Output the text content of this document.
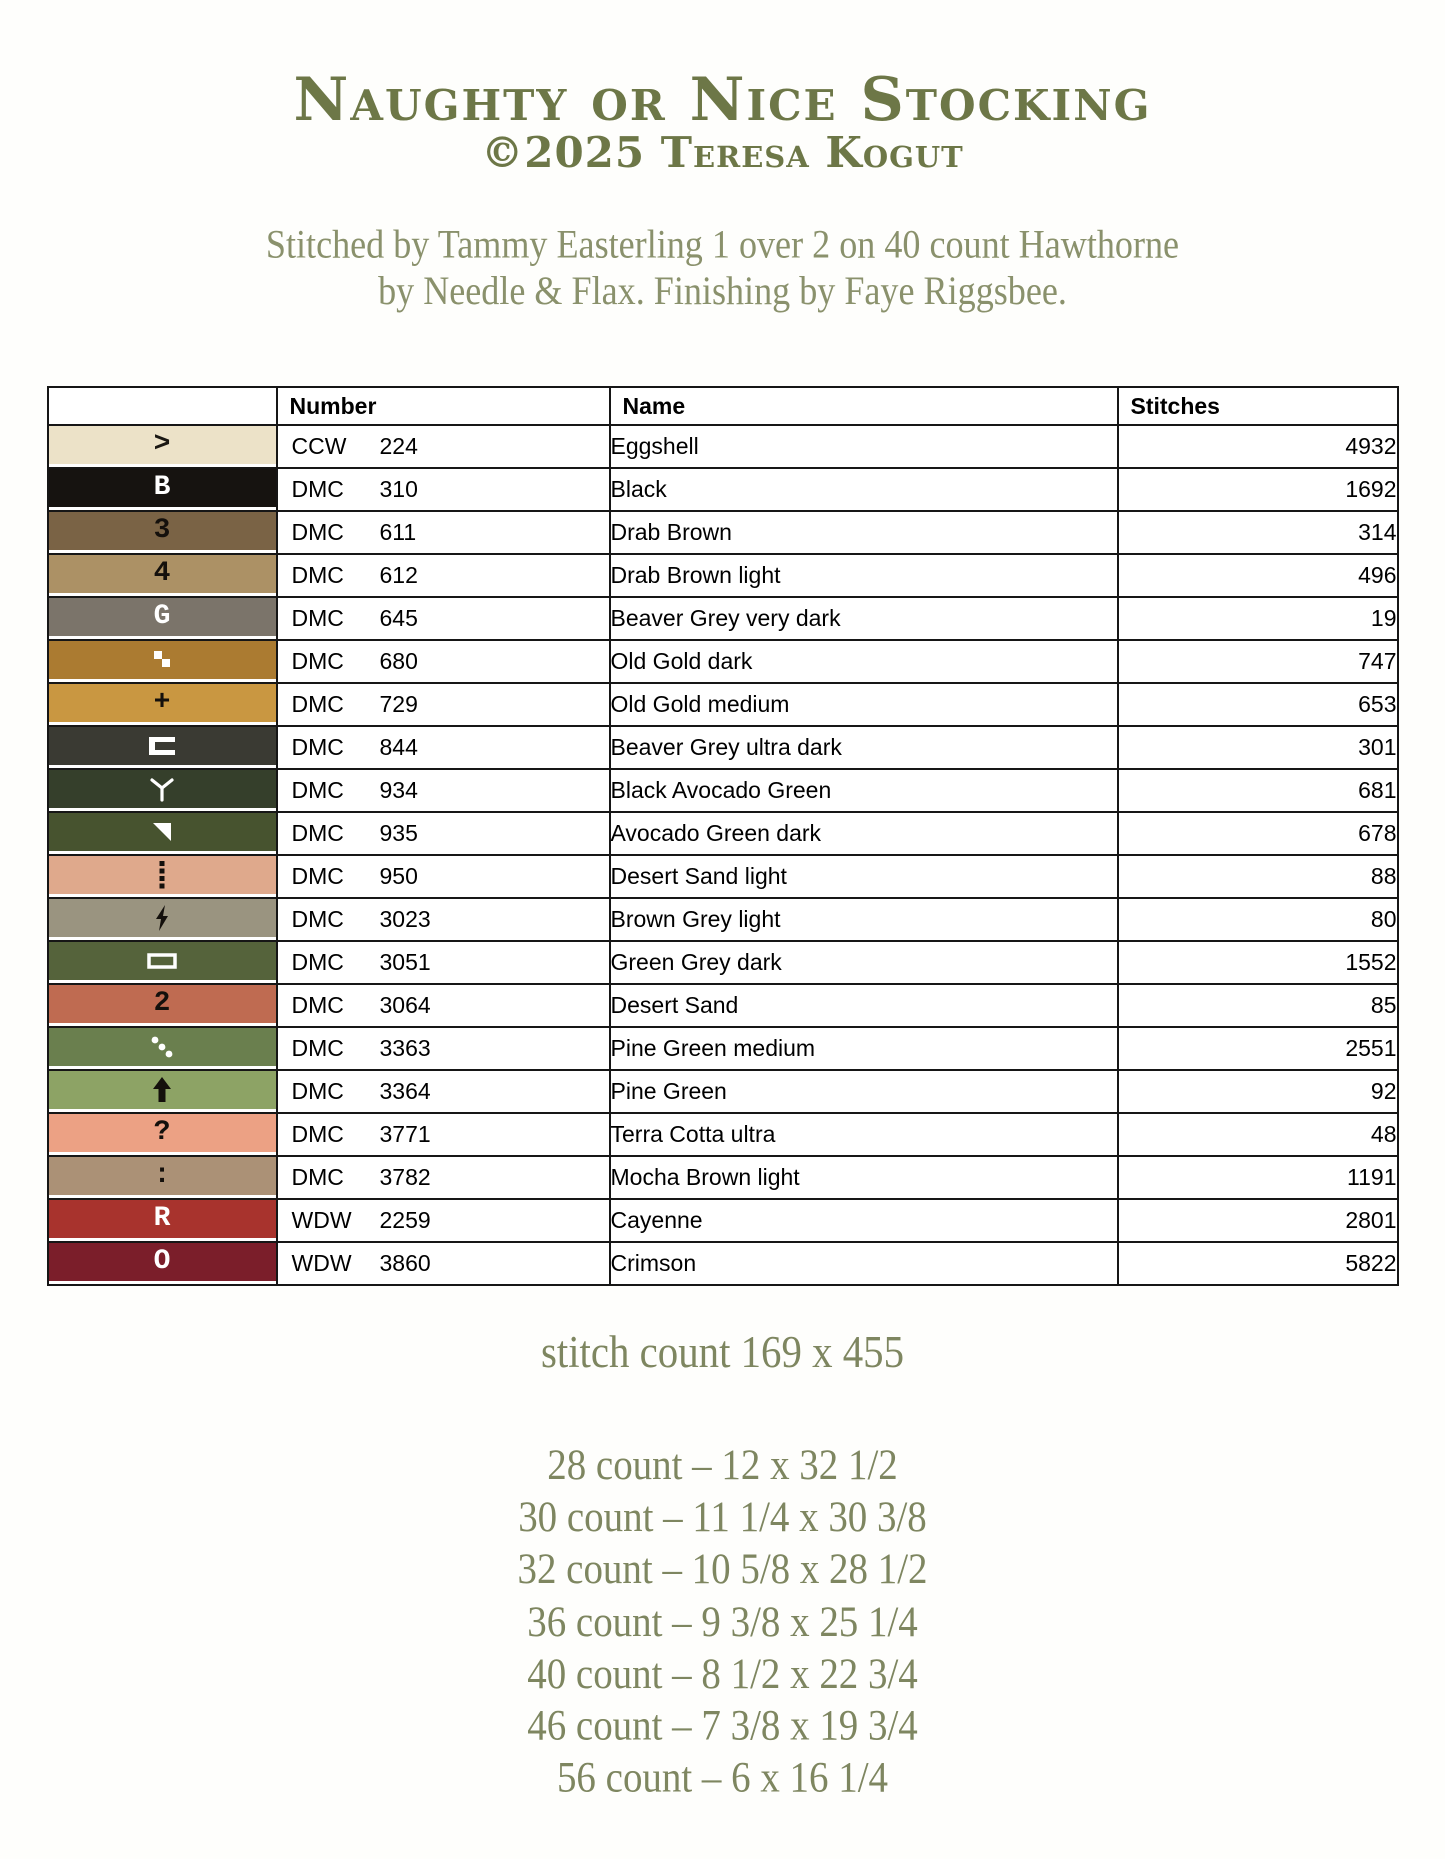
Naughty or Nice Stocking
©2025 Teresa Kogut
Stitched by Tammy Easterling 1 over 2 on 40 count Hawthorne
by Needle & Flax. Finishing by Faye Riggsbee.
	Number	Name	Stitches

>	CCW 224	Eggshell	4932

B	DMC 310	Black	1692

3	DMC 611	Drab Brown	314

4	DMC 612	Drab Brown light	496

G	DMC 645	Beaver Grey very dark	19

	DMC 680	Old Gold dark	747

+	DMC 729	Old Gold medium	653

	DMC 844	Beaver Grey ultra dark	301

	DMC 934	Black Avocado Green	681

	DMC 935	Avocado Green dark	678

	DMC 950	Desert Sand light	88

	DMC 3023	Brown Grey light	80

	DMC 3051	Green Grey dark	1552

2	DMC 3064	Desert Sand	85

	DMC 3363	Pine Green medium	2551

	DMC 3364	Pine Green	92

?	DMC 3771	Terra Cotta ultra	48

:	DMC 3782	Mocha Brown light	1191

R	WDW 2259	Cayenne	2801

O	WDW 3860	Crimson	5822
stitch count 169 x 455
28 count – 12 x 32 1/2
30 count – 11 1/4 x 30 3/8
32 count – 10 5/8 x 28 1/2
36 count – 9 3/8 x 25 1/4
40 count – 8 1/2 x 22 3/4
46 count – 7 3/8 x 19 3/4
56 count – 6 x 16 1/4
